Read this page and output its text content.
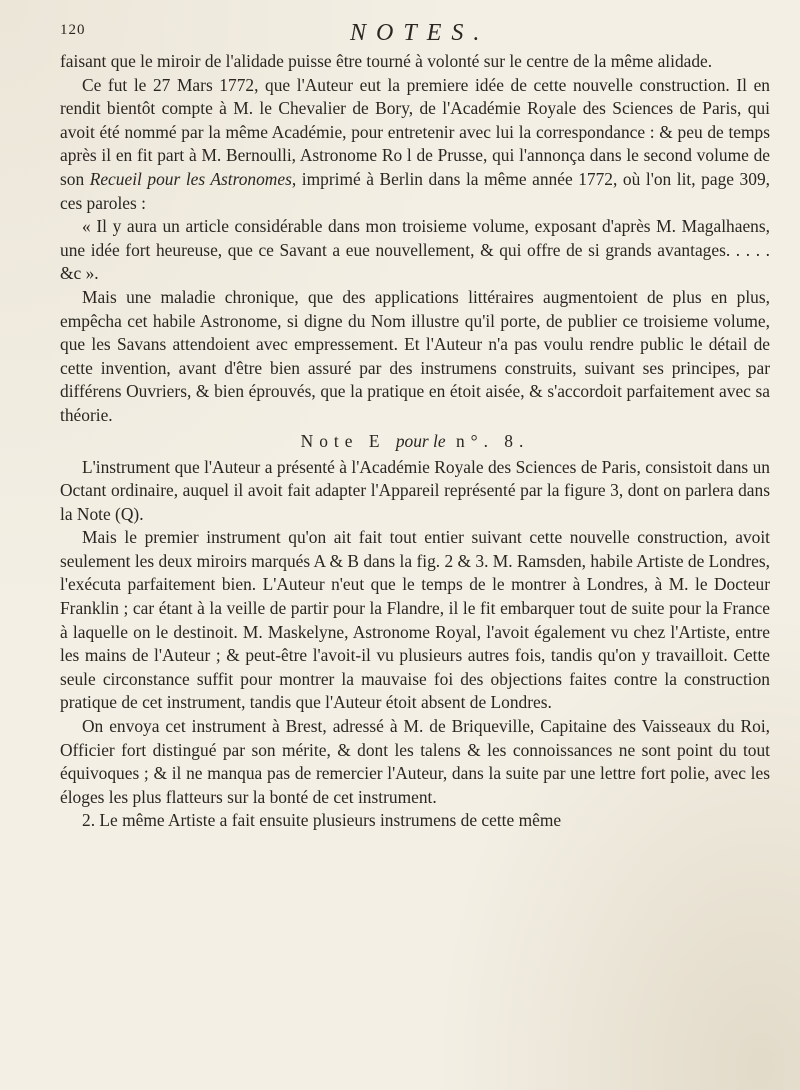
120	NOTES.

faisant que le miroir de l'alidade puisse être tourné à volonté sur le centre de la même alidade.

Ce fut le 27 Mars 1772, que l'Auteur eut la premiere idée de cette nouvelle construction. Il en rendit bientôt compte à M. le Chevalier de Bory, de l'Académie Royale des Sciences de Paris, qui avoit été nommé par la même Académie, pour entretenir avec lui la correspondance : & peu de temps après il en fit part à M. Bernoulli, Astronome Ro l de Prusse, qui l'annonça dans le second volume de son Recueil pour les Astronomes, imprimé à Berlin dans la même année 1772, où l'on lit, page 309, ces paroles :

« Il y aura un article considérable dans mon troisieme volume, exposant d'après M. Magalhaens, une idée fort heureuse, que ce Savant a eue nouvellement, & qui offre de si grands avantages. . . . . &c ».

Mais une maladie chronique, que des applications littéraires augmentoient de plus en plus, empêcha cet habile Astronome, si digne du Nom illustre qu'il porte, de publier ce troisieme volume, que les Savans attendoient avec empressement. Et l'Auteur n'a pas voulu rendre public le détail de cette invention, avant d'être bien assuré par des instrumens construits, suivant ses principes, par différens Ouvriers, & bien éprouvés, que la pratique en étoit aisée, & s'accordoit parfaitement avec sa théorie.

Note E pour le n°. 8.

L'instrument que l'Auteur a présenté à l'Académie Royale des Sciences de Paris, consistoit dans un Octant ordinaire, auquel il avoit fait adapter l'Appareil représenté par la figure 3, dont on parlera dans la Note (Q).

Mais le premier instrument qu'on ait fait tout entier suivant cette nouvelle construction, avoit seulement les deux miroirs marqués A & B dans la fig. 2 & 3. M. Ramsden, habile Artiste de Londres, l'exécuta parfaitement bien. L'Auteur n'eut que le temps de le montrer à Londres, à M. le Docteur Franklin ; car étant à la veille de partir pour la Flandre, il le fit embarquer tout de suite pour la France à laquelle on le destinoit. M. Maskelyne, Astronome Royal, l'avoit également vu chez l'Artiste, entre les mains de l'Auteur ; & peut-être l'avoit-il vu plusieurs autres fois, tandis qu'on y travailloit. Cette seule circonstance suffit pour montrer la mauvaise foi des objections faites contre la construction pratique de cet instrument, tandis que l'Auteur étoit absent de Londres.

On envoya cet instrument à Brest, adressé à M. de Briqueville, Capitaine des Vaisseaux du Roi, Officier fort distingué par son mérite, & dont les talens & les connoissances ne sont point du tout équivoques ; & il ne manqua pas de remercier l'Auteur, dans la suite par une lettre fort polie, avec les éloges les plus flatteurs sur la bonté de cet instrument.

2. Le même Artiste a fait ensuite plusieurs instrumens de cette même
